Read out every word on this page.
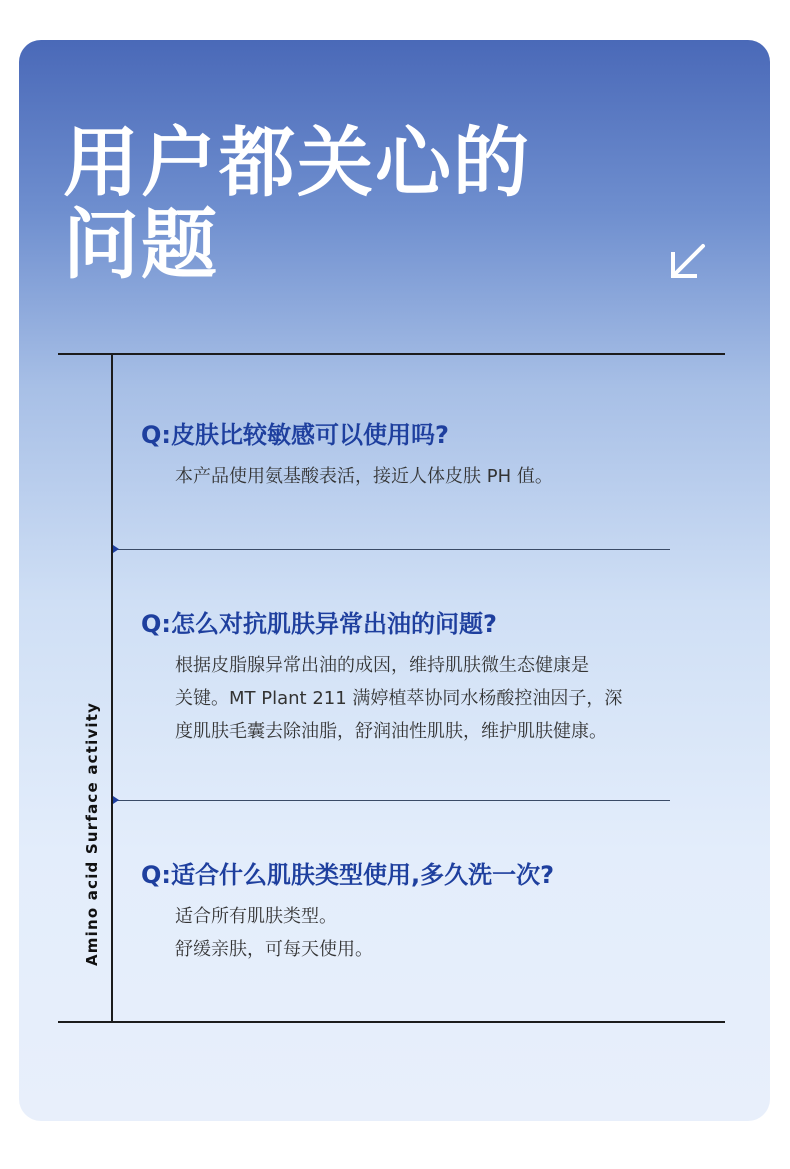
用户都关心的
问题
Amino acid Surface activity

Q:皮肤比较敏感可以使用吗?

本产品使用氨基酸表活，接近人体皮肤 PH 值。

Q:怎么对抗肌肤异常出油的问题?

根据皮脂腺异常出油的成因，维持肌肤微生态健康是
关键。MT Plant 211 满婷植萃协同水杨酸控油因子，深
度肌肤毛囊去除油脂，舒润油性肌肤，维护肌肤健康。

Q:适合什么肌肤类型使用,多久洗一次?

适合所有肌肤类型。
舒缓亲肤，可每天使用。
